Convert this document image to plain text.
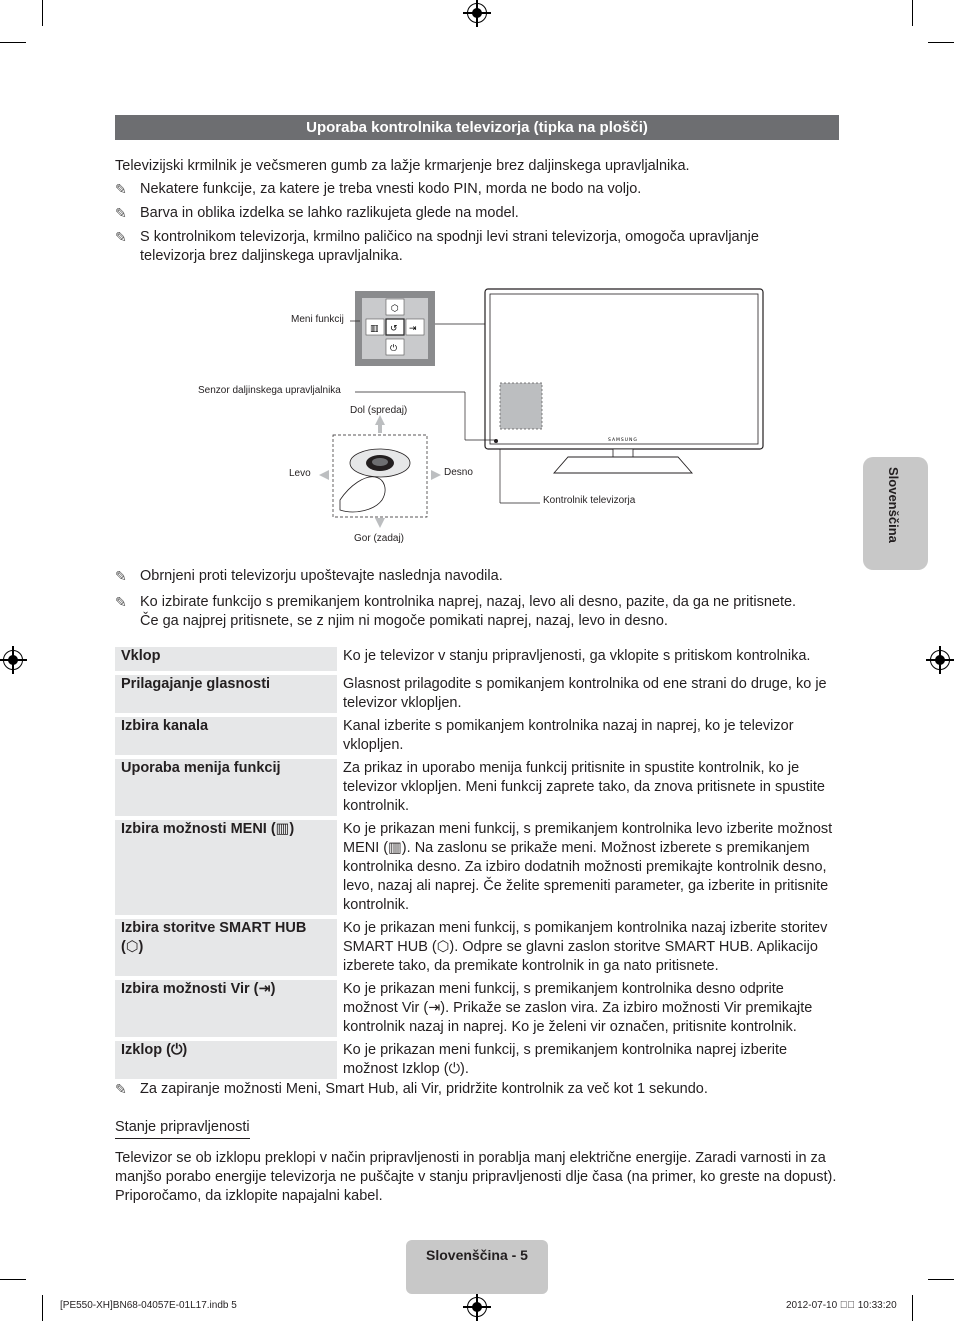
Uporaba kontrolnika televizorja (tipka na plošči)
Televizijski krmilnik je večsmeren gumb za lažje krmarjenje brez daljinskega upravljalnika.
✎ Nekatere funkcije, za katere je treba vnesti kodo PIN, morda ne bodo na voljo.
✎ Barva in oblika izdelka se lahko razlikujeta glede na model.
✎ S kontrolnikom televizorja, krmilno paličico na spodnji levi strani televizorja, omogoča upravljanje
televizorja brez daljinskega upravljalnika.
⬡
▥ ↺ ⇥
⏻
SAMSUNG
Meni funkcij
Senzor daljinskega upravljalnika
Dol (spredaj)
Levo	Desno
Gor (zadaj)
Kontrolnik televizorja	Slovenščina
✎ Obrnjeni proti televizorju upoštevajte naslednja navodila.
✎ Ko izbirate funkcijo s premikanjem kontrolnika naprej, nazaj, levo ali desno, pazite, da ga ne pritisnete.
Če ga najprej pritisnete, se z njim ni mogoče pomikati naprej, nazaj, levo in desno.
Vklop	Ko je televizor v stanju pripravljenosti, ga vklopite s pritiskom kontrolnika.
Prilagajanje glasnosti	Glasnost prilagodite s pomikanjem kontrolnika od ene strani do druge, ko je televizor vklopljen.
Izbira kanala	Kanal izberite s pomikanjem kontrolnika nazaj in naprej, ko je televizor vklopljen.
Uporaba menija funkcij	Za prikaz in uporabo menija funkcij pritisnite in spustite kontrolnik, ko je televizor vklopljen. Meni funkcij zaprete tako, da znova pritisnete in spustite kontrolnik.
Izbira možnosti MENI (▥)	Ko je prikazan meni funkcij, s premikanjem kontrolnika levo izberite možnost MENI (▥). Na zaslonu se prikaže meni. Možnost izberete s premikanjem kontrolnika desno. Za izbiro dodatnih možnosti premikajte kontrolnik desno, levo, nazaj ali naprej. Če želite spremeniti parameter, ga izberite in pritisnite kontrolnik.
Izbira storitve SMART HUB (⬡)	Ko je prikazan meni funkcij, s pomikanjem kontrolnika nazaj izberite storitev SMART HUB (⬡). Odpre se glavni zaslon storitve SMART HUB. Aplikacijo izberete tako, da premikate kontrolnik in ga nato pritisnete.
Izbira možnosti Vir (⇥)	Ko je prikazan meni funkcij, s premikanjem kontrolnika desno odprite možnost Vir (⇥). Prikaže se zaslon vira. Za izbiro možnosti Vir premikajte kontrolnik nazaj in naprej. Ko je želeni vir označen, pritisnite kontrolnik.
Izklop (⏻)	Ko je prikazan meni funkcij, s premikanjem kontrolnika naprej izberite možnost Izklop (⏻).
✎ Za zapiranje možnosti Meni, Smart Hub, ali Vir, pridržite kontrolnik za več kot 1 sekundo.
Stanje pripravljenosti
Televizor se ob izklopu preklopi v način pripravljenosti in porablja manj električne energije. Zaradi varnosti in za manjšo porabo energije televizorja ne puščajte v stanju pripravljenosti dlje časa (na primer, ko greste na dopust). Priporočamo, da izklopite napajalni kabel.
Slovenščina - 5
[PE550-XH]BN68-04057E-01L17.indb 5	2012-07-10 ￿￿ 10:33:20
